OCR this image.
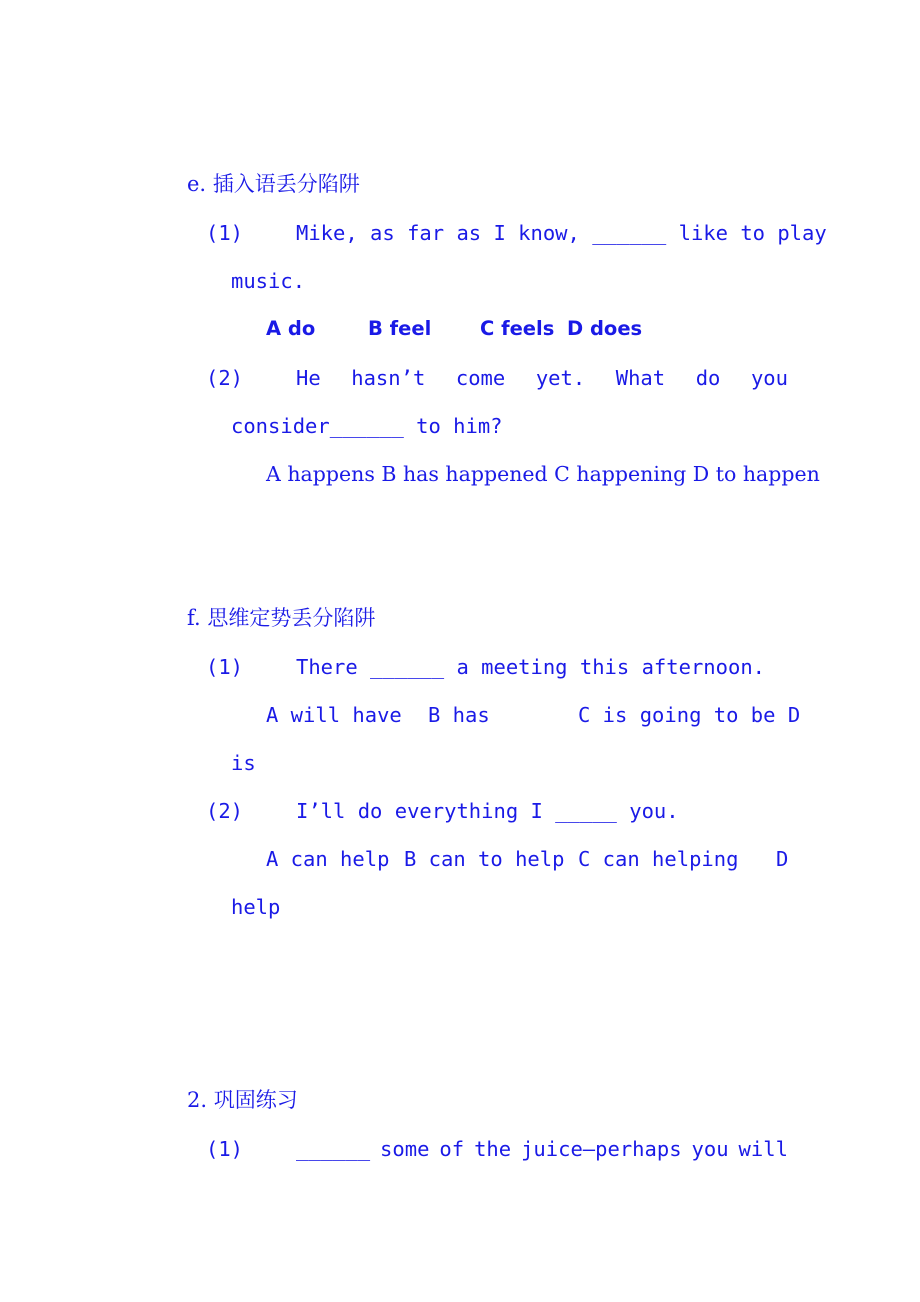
e. 插入语丢分陷阱
(1)	Mike, as far as I know, ______ like to play
music.
A do	B feel C feels D does
(2)	He hasn’t come yet. What do you
consider______ to him?
A happens B has happened C happening D to happen
f. 思维定势丢分陷阱
(1)	There ______ a meeting this afternoon.
A will have B has	C is going to be D
is
(2)	I’ll do everything I _____ you.
A can help B can to help C can helping D
help
2. 巩固练习
(1)	______ some of the juice—perhaps you will
